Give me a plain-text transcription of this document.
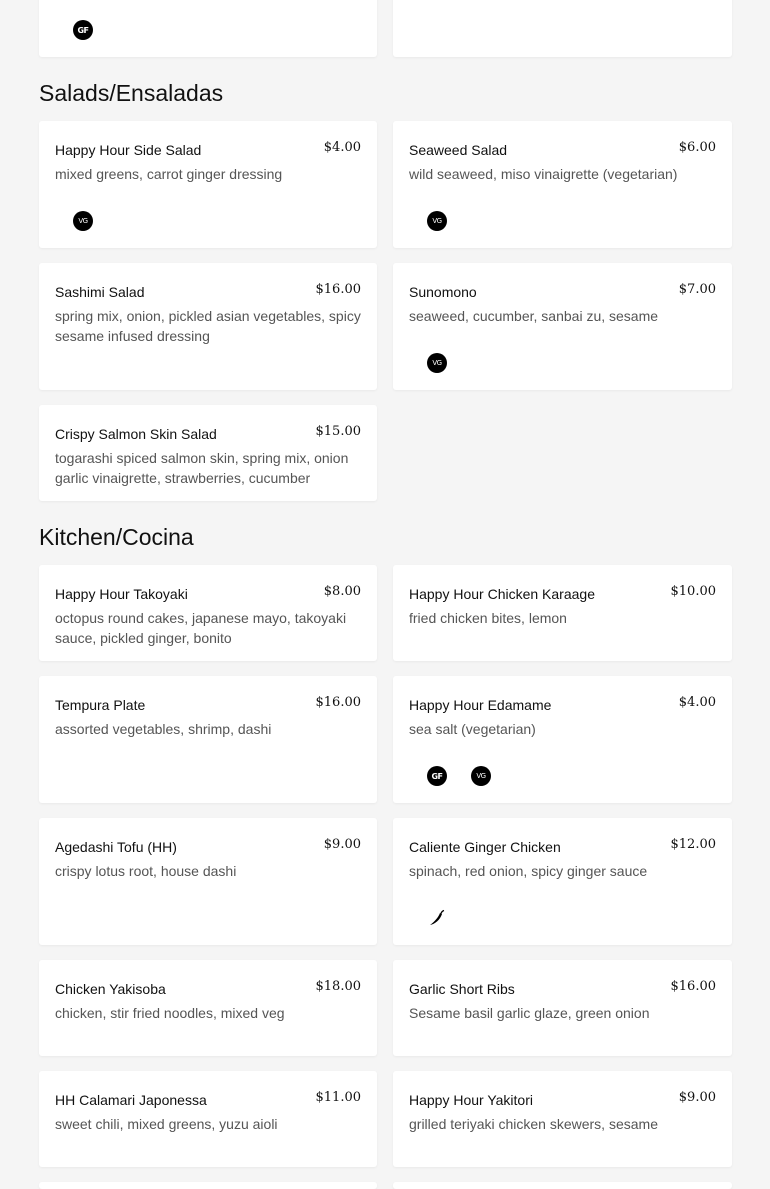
GF
Salads/Ensaladas
Happy Hour Side Salad	$4.00
mixed greens, carrot ginger dressing
VG
Seaweed Salad	$6.00
wild seaweed, miso vinaigrette (vegetarian)
VG
Sashimi Salad	$16.00
spring mix, onion, pickled asian vegetables, spicy sesame infused dressing
Sunomono	$7.00
seaweed, cucumber, sanbai zu, sesame
VG
Crispy Salmon Skin Salad	$15.00
togarashi spiced salmon skin, spring mix, onion garlic vinaigrette, strawberries, cucumber
Kitchen/Cocina
Happy Hour Takoyaki	$8.00
octopus round cakes, japanese mayo, takoyaki sauce, pickled ginger, bonito
Happy Hour Chicken Karaage	$10.00
fried chicken bites, lemon
Tempura Plate	$16.00
assorted vegetables, shrimp, dashi
Happy Hour Edamame	$4.00
sea salt (vegetarian)
GF	VG
Agedashi Tofu (HH)	$9.00
crispy lotus root, house dashi
Caliente Ginger Chicken	$12.00
spinach, red onion, spicy ginger sauce
Chicken Yakisoba	$18.00
chicken, stir fried noodles, mixed veg
Garlic Short Ribs	$16.00
Sesame basil garlic glaze, green onion
HH Calamari Japonessa	$11.00
sweet chili, mixed greens, yuzu aioli
Happy Hour Yakitori	$9.00
grilled teriyaki chicken skewers, sesame
